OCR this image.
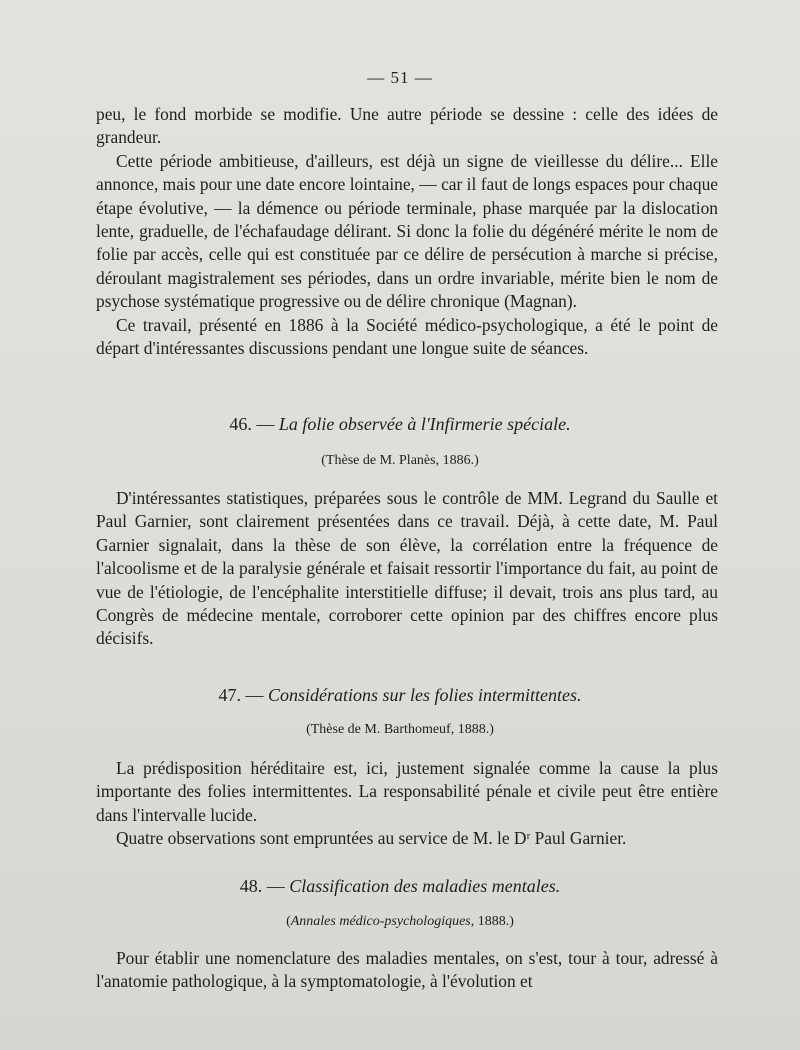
— 51 —

peu, le fond morbide se modifie. Une autre période se dessine : celle des idées de grandeur.

Cette période ambitieuse, d'ailleurs, est déjà un signe de vieillesse du délire... Elle annonce, mais pour une date encore lointaine, — car il faut de longs espaces pour chaque étape évolutive, — la démence ou période terminale, phase marquée par la dislocation lente, graduelle, de l'échafaudage délirant. Si donc la folie du dégénéré mérite le nom de folie par accès, celle qui est constituée par ce délire de persécution à marche si précise, déroulant magistralement ses périodes, dans un ordre invariable, mérite bien le nom de psychose systématique progressive ou de délire chronique (Magnan).

Ce travail, présenté en 1886 à la Société médico-psychologique, a été le point de départ d'intéressantes discussions pendant une longue suite de séances.

46. — La folie observée à l'Infirmerie spéciale.
(Thèse de M. Planès, 1886.)

D'intéressantes statistiques, préparées sous le contrôle de MM. Legrand du Saulle et Paul Garnier, sont clairement présentées dans ce travail. Déjà, à cette date, M. Paul Garnier signalait, dans la thèse de son élève, la corrélation entre la fréquence de l'alcoolisme et de la paralysie générale et faisait ressortir l'importance du fait, au point de vue de l'étiologie, de l'encéphalite interstitielle diffuse; il devait, trois ans plus tard, au Congrès de médecine mentale, corroborer cette opinion par des chiffres encore plus décisifs.

47. — Considérations sur les folies intermittentes.
(Thèse de M. Barthomeuf, 1888.)

La prédisposition héréditaire est, ici, justement signalée comme la cause la plus importante des folies intermittentes. La responsabilité pénale et civile peut être entière dans l'intervalle lucide.

Quatre observations sont empruntées au service de M. le Dʳ Paul Garnier.

48. — Classification des maladies mentales.
(Annales médico-psychologiques, 1888.)

Pour établir une nomenclature des maladies mentales, on s'est, tour à tour, adressé à l'anatomie pathologique, à la symptomatologie, à l'évolution et
